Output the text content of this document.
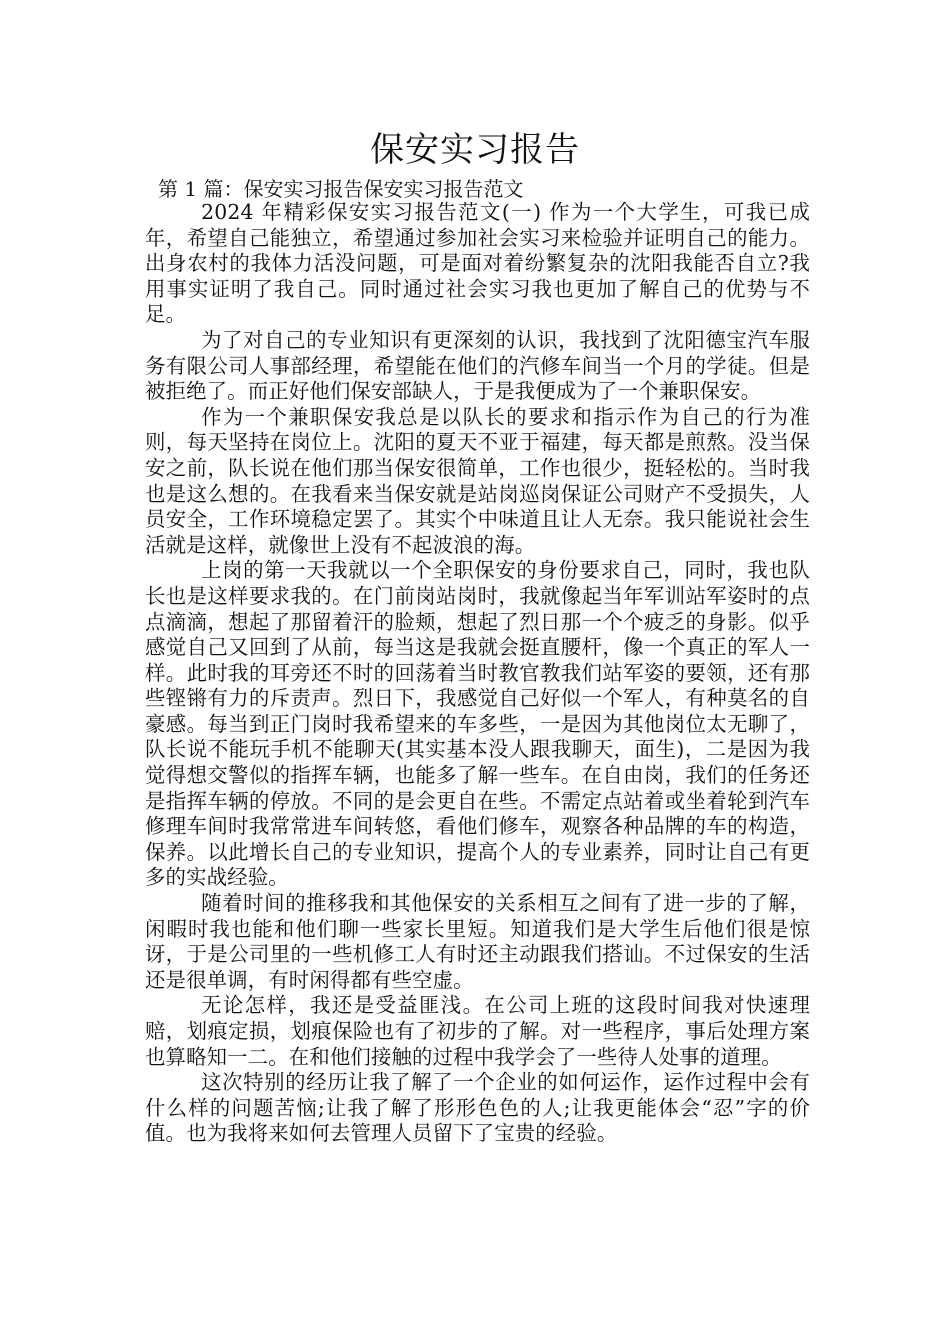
保安实习报告
第 1 篇：保安实习报告保安实习报告范文

2024 年精彩保安实习报告范文(一) 作为一个大学生，可我已成年，希望自己能独立，希望通过参加社会实习来检验并证明自己的能力。出身农村的我体力活没问题，可是面对着纷繁复杂的沈阳我能否自立?我用事实证明了我自己。同时通过社会实习我也更加了解自己的优势与不足。

为了对自己的专业知识有更深刻的认识，我找到了沈阳德宝汽车服务有限公司人事部经理，希望能在他们的汽修车间当一个月的学徒。但是被拒绝了。而正好他们保安部缺人，于是我便成为了一个兼职保安。

作为一个兼职保安我总是以队长的要求和指示作为自己的行为准则，每天坚持在岗位上。沈阳的夏天不亚于福建，每天都是煎熬。没当保安之前，队长说在他们那当保安很简单，工作也很少，挺轻松的。当时我也是这么想的。在我看来当保安就是站岗巡岗保证公司财产不受损失，人员安全，工作环境稳定罢了。其实个中味道且让人无奈。我只能说社会生活就是这样，就像世上没有不起波浪的海。

上岗的第一天我就以一个全职保安的身份要求自己，同时，我也队长也是这样要求我的。在门前岗站岗时，我就像起当年军训站军姿时的点点滴滴，想起了那留着汗的脸颊，想起了烈日那一个个疲乏的身影。似乎感觉自己又回到了从前，每当这是我就会挺直腰杆，像一个真正的军人一样。此时我的耳旁还不时的回荡着当时教官教我们站军姿的要领，还有那些铿锵有力的斥责声。烈日下，我感觉自己好似一个军人，有种莫名的自豪感。每当到正门岗时我希望来的车多些，一是因为其他岗位太无聊了，队长说不能玩手机不能聊天(其实基本没人跟我聊天，面生)，二是因为我觉得想交警似的指挥车辆，也能多了解一些车。在自由岗，我们的任务还是指挥车辆的停放。不同的是会更自在些。不需定点站着或坐着轮到汽车修理车间时我常常进车间转悠，看他们修车，观察各种品牌的车的构造，保养。以此增长自己的专业知识，提高个人的专业素养，同时让自己有更多的实战经验。

随着时间的推移我和其他保安的关系相互之间有了进一步的了解，闲暇时我也能和他们聊一些家长里短。知道我们是大学生后他们很是惊讶，于是公司里的一些机修工人有时还主动跟我们搭讪。不过保安的生活还是很单调，有时闲得都有些空虚。

无论怎样，我还是受益匪浅。在公司上班的这段时间我对快速理赔，划痕定损，划痕保险也有了初步的了解。对一些程序，事后处理方案也算略知一二。在和他们接触的过程中我学会了一些待人处事的道理。

这次特别的经历让我了解了一个企业的如何运作，运作过程中会有什么样的问题苦恼;让我了解了形形色色的人;让我更能体会“忍”字的价值。也为我将来如何去管理人员留下了宝贵的经验。
